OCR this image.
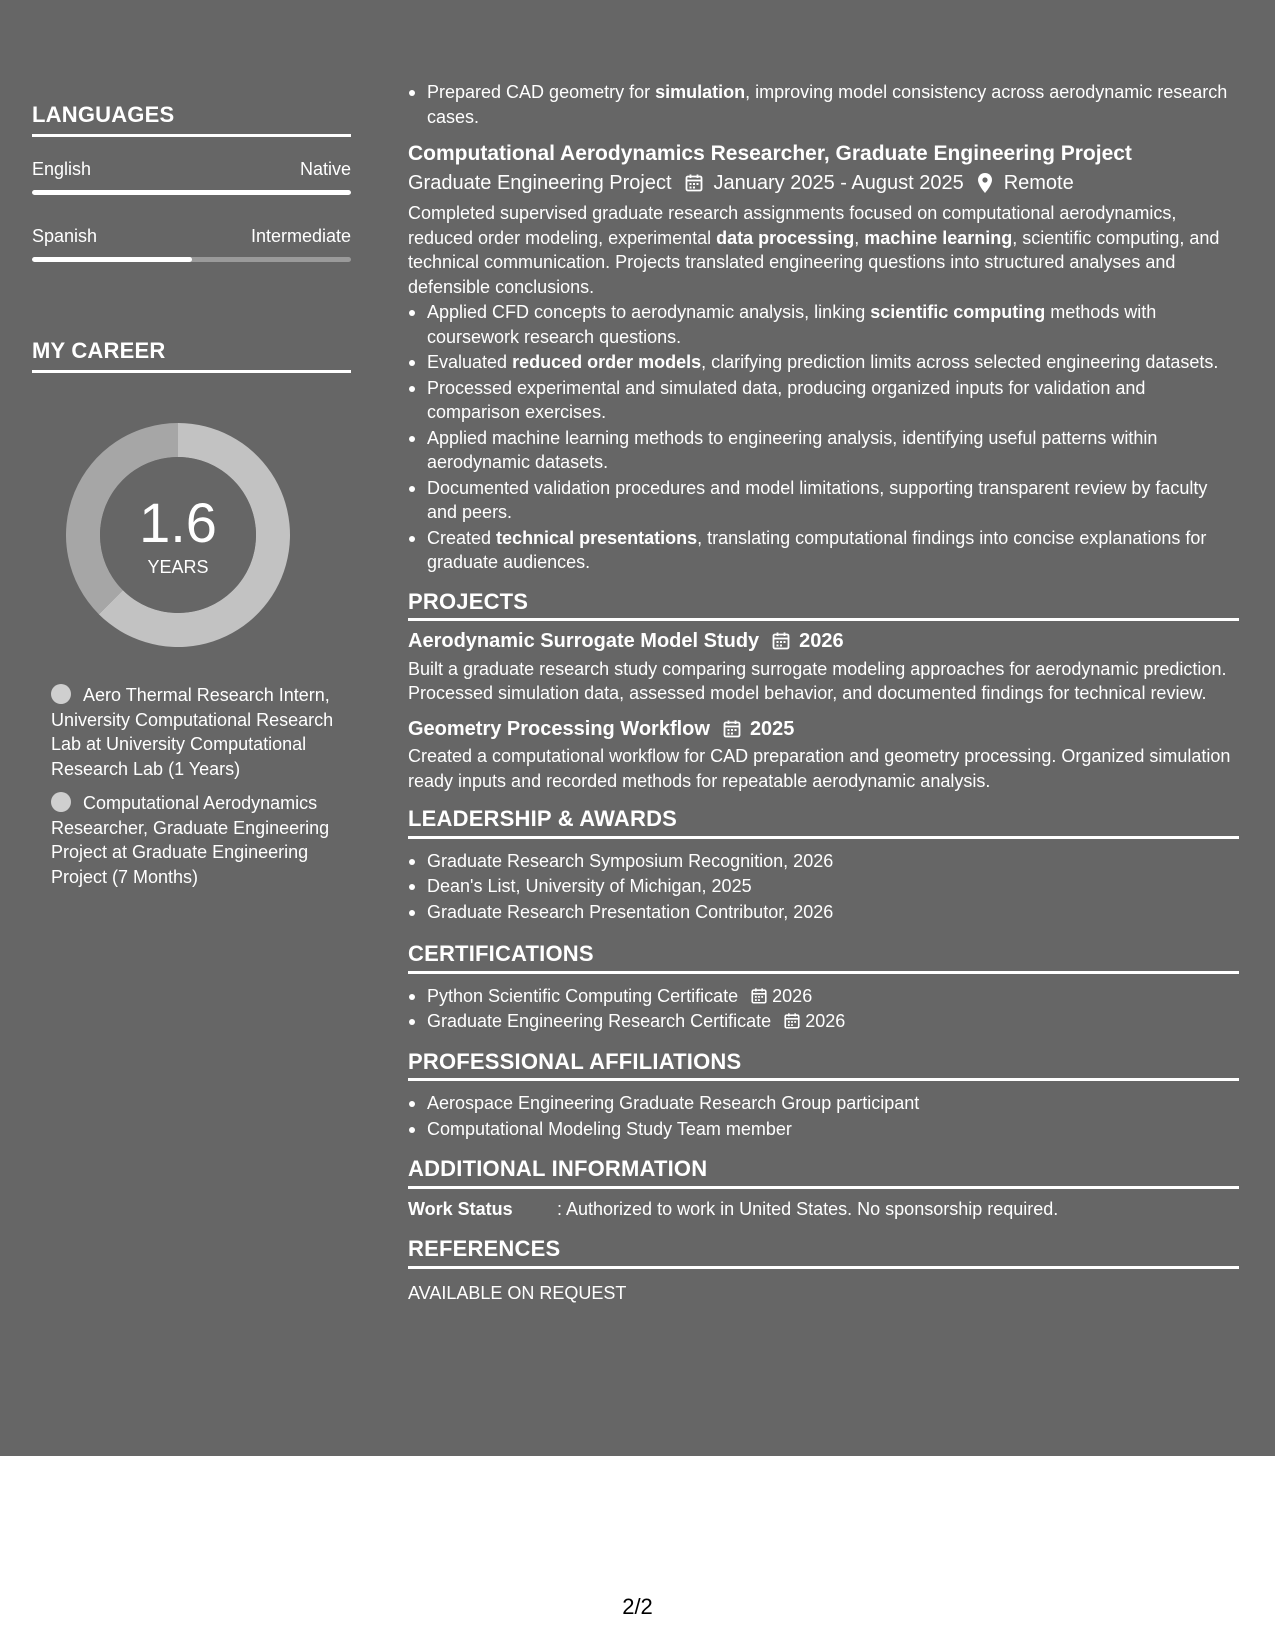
LANGUAGES
English	Native
Spanish	Intermediate
MY CAREER
1.6
YEARS
Aero Thermal Research Intern, University Computational Research Lab at University Computational Research Lab (1 Years)
Computational Aerodynamics Researcher, Graduate Engineering Project at Graduate Engineering Project (7 Months)
Prepared CAD geometry for simulation, improving model consistency across aerodynamic research cases.
Computational Aerodynamics Researcher, Graduate Engineering Project
Graduate Engineering Project January 2025 - August 2025 Remote
Completed supervised graduate research assignments focused on computational aerodynamics, reduced order modeling, experimental data processing, machine learning, scientific computing, and technical communication. Projects translated engineering questions into structured analyses and defensible conclusions.
Applied CFD concepts to aerodynamic analysis, linking scientific computing methods with coursework research questions.
Evaluated reduced order models, clarifying prediction limits across selected engineering datasets.
Processed experimental and simulated data, producing organized inputs for validation and comparison exercises.
Applied machine learning methods to engineering analysis, identifying useful patterns within aerodynamic datasets.
Documented validation procedures and model limitations, supporting transparent review by faculty and peers.
Created technical presentations, translating computational findings into concise explanations for graduate audiences.
PROJECTS
Aerodynamic Surrogate Model Study 2026
Built a graduate research study comparing surrogate modeling approaches for aerodynamic prediction. Processed simulation data, assessed model behavior, and documented findings for technical review.
Geometry Processing Workflow 2025
Created a computational workflow for CAD preparation and geometry processing. Organized simulation ready inputs and recorded methods for repeatable aerodynamic analysis.
LEADERSHIP & AWARDS
Graduate Research Symposium Recognition, 2026
Dean's List, University of Michigan, 2025
Graduate Research Presentation Contributor, 2026
CERTIFICATIONS
Python Scientific Computing Certificate 2026
Graduate Engineering Research Certificate 2026
PROFESSIONAL AFFILIATIONS
Aerospace Engineering Graduate Research Group participant
Computational Modeling Study Team member
ADDITIONAL INFORMATION
Work Status	: Authorized to work in United States. No sponsorship required.
REFERENCES
AVAILABLE ON REQUEST
2/2
